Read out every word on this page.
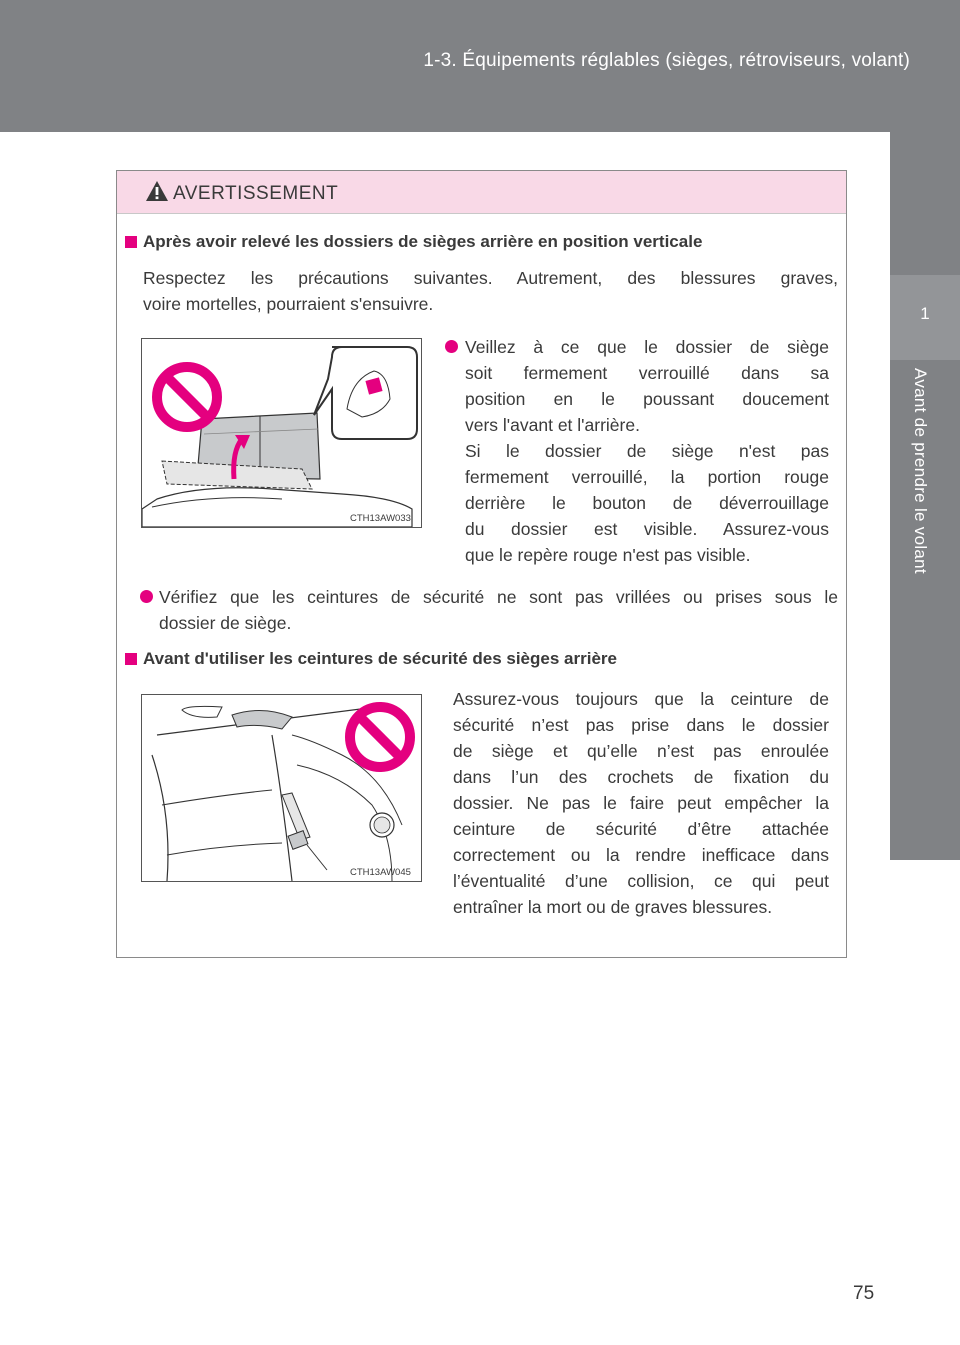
1-3. Équipements réglables (sièges, rétroviseurs, volant)
1
Avant de prendre le volant
AVERTISSEMENT
Après avoir relevé les dossiers de sièges arrière en position verticale
Respectez les précautions suivantes. Autrement, des blessures graves,
voire mortelles, pourraient s'ensuivre.
CTH13AW033
Veillez à ce que le dossier de siège
soit fermement verrouillé dans sa
position en le poussant doucement
vers l'avant et l'arrière.
Si le dossier de siège n'est pas
fermement verrouillé, la portion rouge
derrière le bouton de déverrouillage
du dossier est visible. Assurez-vous
que le repère rouge n'est pas visible.
Vérifiez que les ceintures de sécurité ne sont pas vrillées ou prises sous le
dossier de siège.
Avant d'utiliser les ceintures de sécurité des sièges arrière
CTH13AW045
Assurez-vous toujours que la ceinture de
sécurité n’est pas prise dans le dossier
de siège et qu’elle n’est pas enroulée
dans l’un des crochets de fixation du
dossier. Ne pas le faire peut empêcher la
ceinture de sécurité d’être attachée
correctement ou la rendre inefficace dans
l’éventualité d’une collision, ce qui peut
entraîner la mort ou de graves blessures.
75
